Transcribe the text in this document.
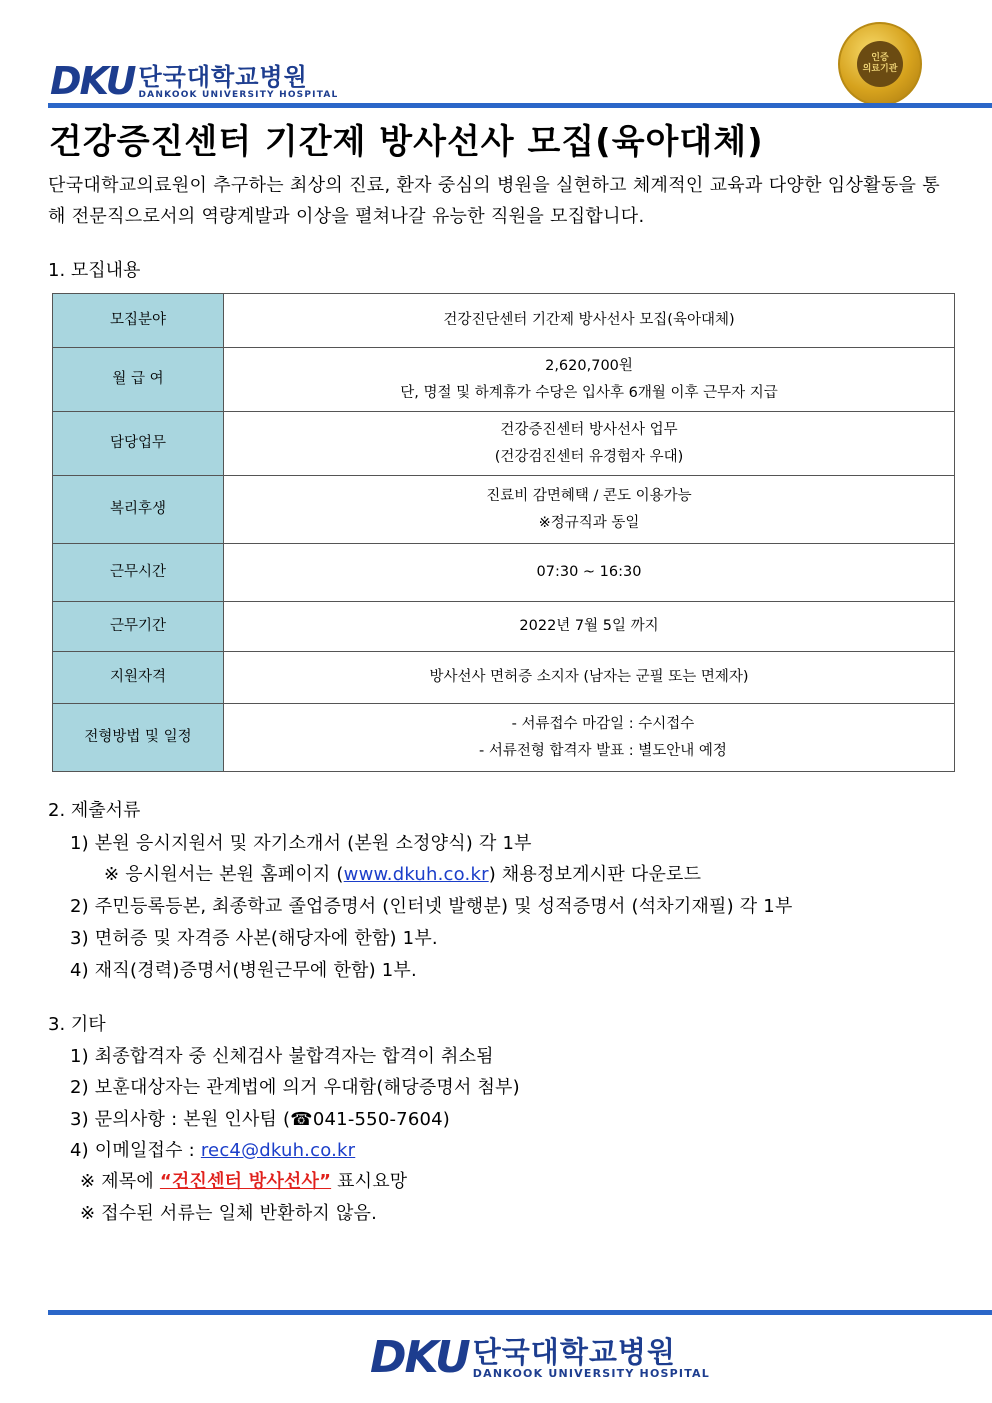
DKU 단국대학교병원
DANKOOK UNIVERSITY HOSPITAL
인증
의료기관
건강증진센터 기간제 방사선사 모집(육아대체)
단국대학교의료원이 추구하는 최상의 진료, 환자 중심의 병원을 실현하고 체계적인 교육과 다양한 임상활동을 통해 전문직으로서의 역량계발과 이상을 펼쳐나갈 유능한 직원을 모집합니다.
1. 모집내용
모집분야	건강진단센터 기간제 방사선사 모집(육아대체)

월 급 여	2,620,700원
단, 명절 및 하계휴가 수당은 입사후 6개월 이후 근무자 지급

담당업무	건강증진센터 방사선사 업무
(건강검진센터 유경험자 우대)

복리후생	진료비 감면혜택 / 콘도 이용가능
※정규직과 동일

근무시간	07:30 ~ 16:30

근무기간	2022년 7월 5일 까지

지원자격	방사선사 면허증 소지자 (남자는 군필 또는 면제자)

전형방법 및 일정	- 서류접수 마감일 : 수시접수
- 서류전형 합격자 발표 : 별도안내 예정
2. 제출서류
1) 본원 응시지원서 및 자기소개서 (본원 소정양식) 각 1부
※ 응시원서는 본원 홈페이지 (www.dkuh.co.kr) 채용정보게시판 다운로드
2) 주민등록등본, 최종학교 졸업증명서 (인터넷 발행분) 및 성적증명서 (석차기재필) 각 1부
3) 면허증 및 자격증 사본(해당자에 한함) 1부.
4) 재직(경력)증명서(병원근무에 한함) 1부.
3. 기타
1) 최종합격자 중 신체검사 불합격자는 합격이 취소됨
2) 보훈대상자는 관계법에 의거 우대함(해당증명서 첨부)
3) 문의사항 : 본원 인사팀 (☎041-550-7604)
4) 이메일접수 : rec4@dkuh.co.kr
※ 제목에 “건진센터 방사선사” 표시요망
※ 접수된 서류는 일체 반환하지 않음.
DKU 단국대학교병원
DANKOOK UNIVERSITY HOSPITAL
